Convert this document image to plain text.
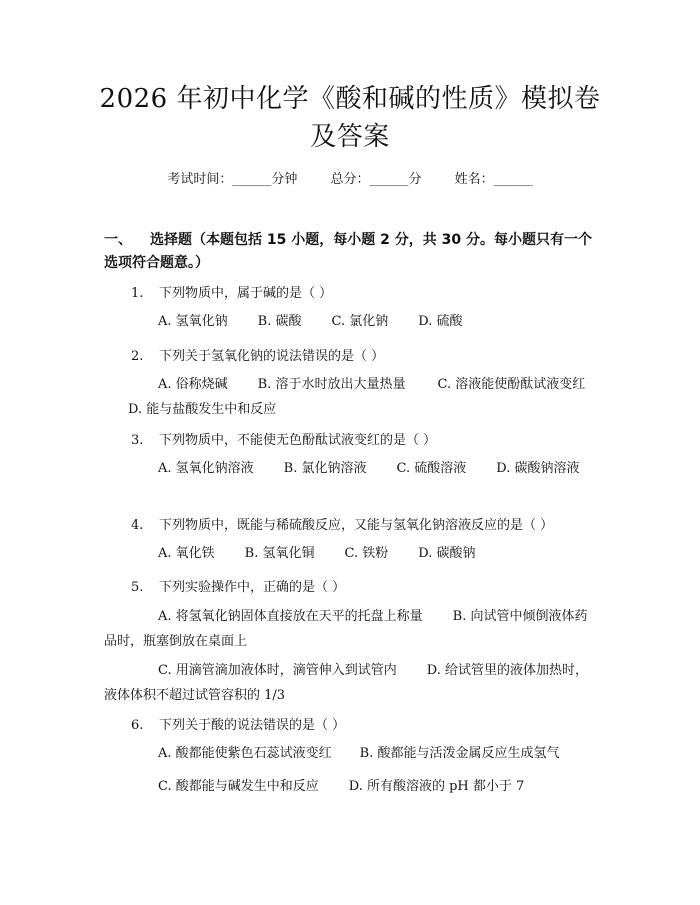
2026 年初中化学《酸和碱的性质》模拟卷及答案
考试时间：______分钟	总分：______分	姓名：______
一、 选择题（本题包括 15 小题，每小题 2 分，共 30 分。每小题只有一个选项符合题意。）
1. 下列物质中，属于碱的是（ ）
A. 氢氧化钠 B. 碳酸 C. 氯化钠 D. 硫酸
2. 下列关于氢氧化钠的说法错误的是（ ）
A. 俗称烧碱 B. 溶于水时放出大量热量 C. 溶液能使酚酞试液变红D. 能与盐酸发生中和反应
3. 下列物质中，不能使无色酚酞试液变红的是（ ）
A. 氢氧化钠溶液 B. 氯化钠溶液 C. 硫酸溶液 D. 碳酸钠溶液
4. 下列物质中，既能与稀硫酸反应，又能与氢氧化钠溶液反应的是（ ）
A. 氧化铁 B. 氢氧化铜 C. 铁粉 D. 碳酸钠
5. 下列实验操作中，正确的是（ ）
A. 将氢氧化钠固体直接放在天平的托盘上称量 B. 向试管中倾倒液体药品时，瓶塞倒放在桌面上
C. 用滴管滴加液体时，滴管伸入到试管内 D. 给试管里的液体加热时，液体体积不超过试管容积的 1/3
6. 下列关于酸的说法错误的是（ ）
A. 酸都能使紫色石蕊试液变红 B. 酸都能与活泼金属反应生成氢气
C. 酸都能与碱发生中和反应 D. 所有酸溶液的 pH 都小于 7
